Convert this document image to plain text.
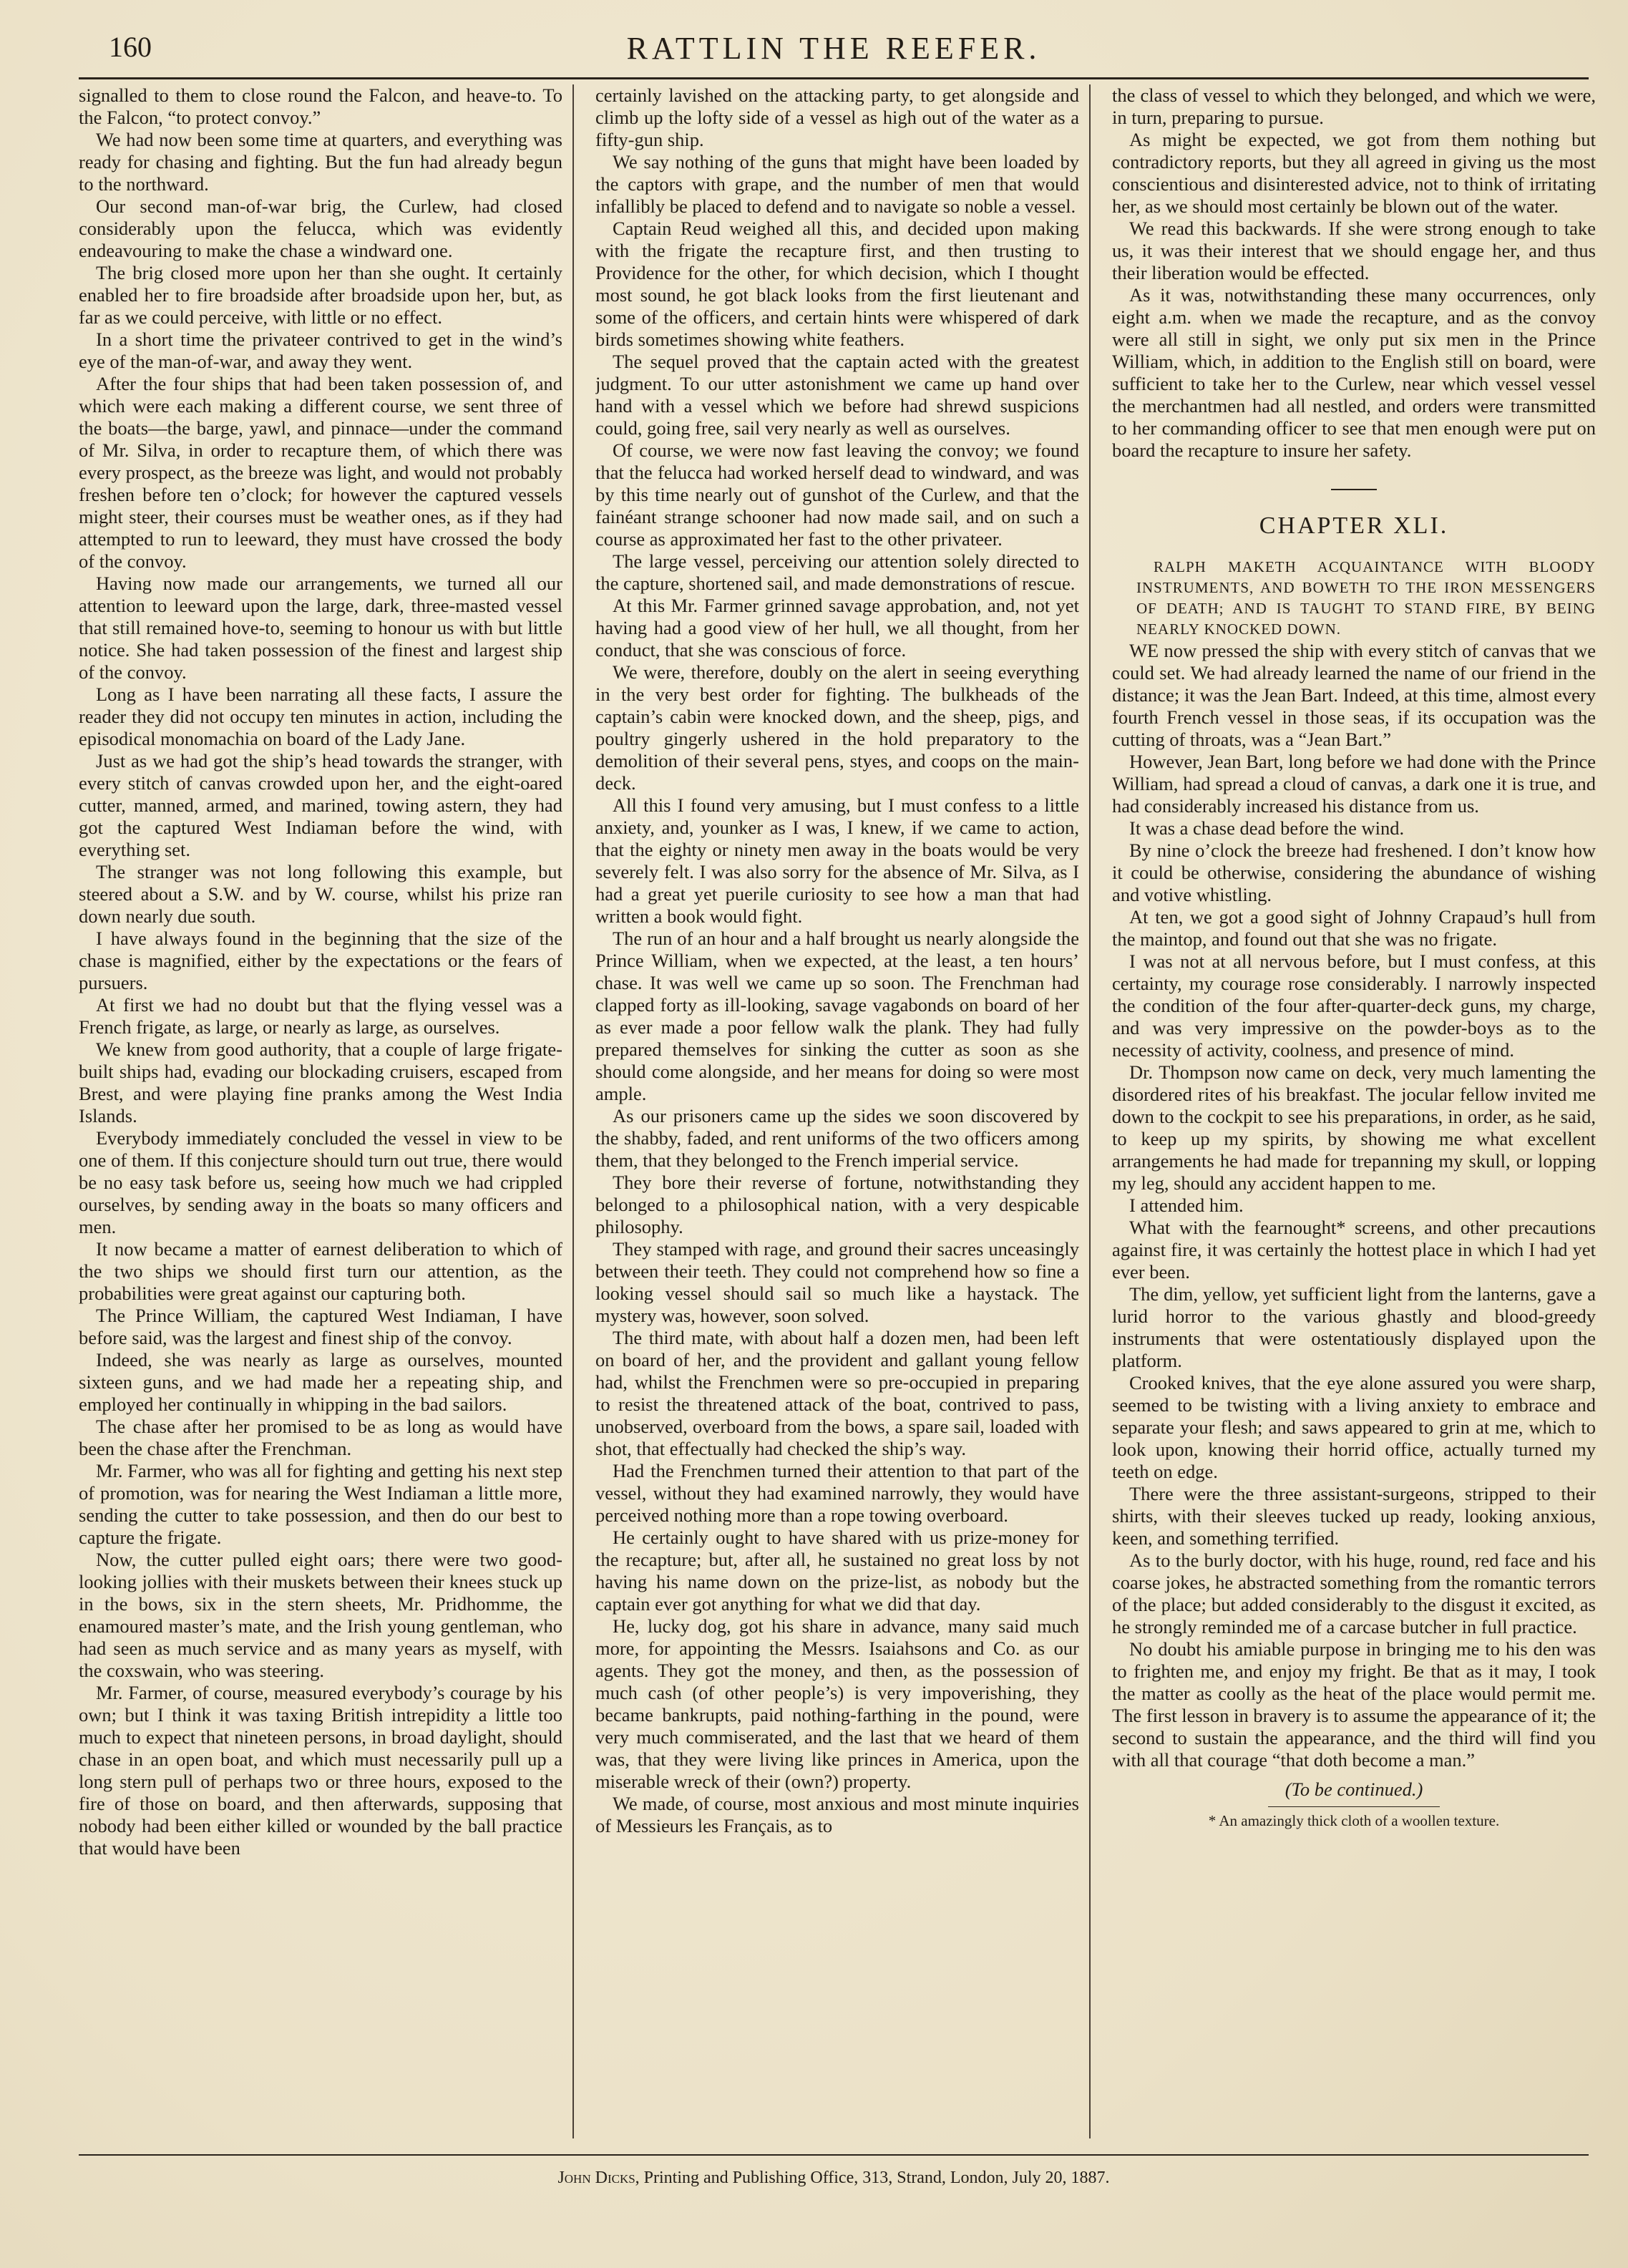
160	RATTLIN THE REEFER.

signalled to them to close round the Falcon, and heave-to. To the Falcon, “to protect convoy.”

We had now been some time at quarters, and everything was ready for chasing and fighting. But the fun had already begun to the northward.

Our second man-of-war brig, the Curlew, had closed considerably upon the felucca, which was evidently endeavouring to make the chase a windward one.

The brig closed more upon her than she ought. It certainly enabled her to fire broadside after broadside upon her, but, as far as we could perceive, with little or no effect.

In a short time the privateer contrived to get in the wind’s eye of the man-of-war, and away they went.

After the four ships that had been taken possession of, and which were each making a different course, we sent three of the boats—the barge, yawl, and pinnace—under the command of Mr. Silva, in order to recapture them, of which there was every prospect, as the breeze was light, and would not probably freshen before ten o’clock; for however the captured vessels might steer, their courses must be weather ones, as if they had attempted to run to leeward, they must have crossed the body of the convoy.

Having now made our arrangements, we turned all our attention to leeward upon the large, dark, three-masted vessel that still remained hove-to, seeming to honour us with but little notice. She had taken possession of the finest and largest ship of the convoy.

Long as I have been narrating all these facts, I assure the reader they did not occupy ten minutes in action, including the episodical monomachia on board of the Lady Jane.

Just as we had got the ship’s head towards the stranger, with every stitch of canvas crowded upon her, and the eight-oared cutter, manned, armed, and marined, towing astern, they had got the captured West Indiaman before the wind, with everything set.

The stranger was not long following this example, but steered about a S.W. and by W. course, whilst his prize ran down nearly due south.

I have always found in the beginning that the size of the chase is magnified, either by the expectations or the fears of pursuers.

At first we had no doubt but that the flying vessel was a French frigate, as large, or nearly as large, as ourselves.

We knew from good authority, that a couple of large frigate-built ships had, evading our blockading cruisers, escaped from Brest, and were playing fine pranks among the West India Islands.

Everybody immediately concluded the vessel in view to be one of them. If this conjecture should turn out true, there would be no easy task before us, seeing how much we had crippled ourselves, by sending away in the boats so many officers and men.

It now became a matter of earnest deliberation to which of the two ships we should first turn our attention, as the probabilities were great against our capturing both.

The Prince William, the captured West Indiaman, I have before said, was the largest and finest ship of the convoy.

Indeed, she was nearly as large as ourselves, mounted sixteen guns, and we had made her a repeating ship, and employed her continually in whipping in the bad sailors.

The chase after her promised to be as long as would have been the chase after the Frenchman.

Mr. Farmer, who was all for fighting and getting his next step of promotion, was for nearing the West Indiaman a little more, sending the cutter to take possession, and then do our best to capture the frigate.

Now, the cutter pulled eight oars; there were two good-looking jollies with their muskets between their knees stuck up in the bows, six in the stern sheets, Mr. Pridhomme, the enamoured master’s mate, and the Irish young gentleman, who had seen as much service and as many years as myself, with the coxswain, who was steering.

Mr. Farmer, of course, measured everybody’s courage by his own; but I think it was taxing British intrepidity a little too much to expect that nineteen persons, in broad daylight, should chase in an open boat, and which must necessarily pull up a long stern pull of perhaps two or three hours, exposed to the fire of those on board, and then afterwards, supposing that nobody had been either killed or wounded by the ball practice that would have been

certainly lavished on the attacking party, to get alongside and climb up the lofty side of a vessel as high out of the water as a fifty-gun ship.

We say nothing of the guns that might have been loaded by the captors with grape, and the number of men that would infallibly be placed to defend and to navigate so noble a vessel.

Captain Reud weighed all this, and decided upon making with the frigate the recapture first, and then trusting to Providence for the other, for which decision, which I thought most sound, he got black looks from the first lieutenant and some of the officers, and certain hints were whispered of dark birds sometimes showing white feathers.

The sequel proved that the captain acted with the greatest judgment. To our utter astonishment we came up hand over hand with a vessel which we before had shrewd suspicions could, going free, sail very nearly as well as ourselves.

Of course, we were now fast leaving the convoy; we found that the felucca had worked herself dead to windward, and was by this time nearly out of gunshot of the Curlew, and that the fainéant strange schooner had now made sail, and on such a course as approximated her fast to the other privateer.

The large vessel, perceiving our attention solely directed to the capture, shortened sail, and made demonstrations of rescue.

At this Mr. Farmer grinned savage approbation, and, not yet having had a good view of her hull, we all thought, from her conduct, that she was conscious of force.

We were, therefore, doubly on the alert in seeing everything in the very best order for fighting. The bulkheads of the captain’s cabin were knocked down, and the sheep, pigs, and poultry gingerly ushered in the hold preparatory to the demolition of their several pens, styes, and coops on the main-deck.

All this I found very amusing, but I must confess to a little anxiety, and, younker as I was, I knew, if we came to action, that the eighty or ninety men away in the boats would be very severely felt. I was also sorry for the absence of Mr. Silva, as I had a great yet puerile curiosity to see how a man that had written a book would fight.

The run of an hour and a half brought us nearly alongside the Prince William, when we expected, at the least, a ten hours’ chase. It was well we came up so soon. The Frenchman had clapped forty as ill-looking, savage vagabonds on board of her as ever made a poor fellow walk the plank. They had fully prepared themselves for sinking the cutter as soon as she should come alongside, and her means for doing so were most ample.

As our prisoners came up the sides we soon discovered by the shabby, faded, and rent uniforms of the two officers among them, that they belonged to the French imperial service.

They bore their reverse of fortune, notwithstanding they belonged to a philosophical nation, with a very despicable philosophy.

They stamped with rage, and ground their sacres unceasingly between their teeth. They could not comprehend how so fine a looking vessel should sail so much like a haystack. The mystery was, however, soon solved.

The third mate, with about half a dozen men, had been left on board of her, and the provident and gallant young fellow had, whilst the Frenchmen were so pre-occupied in preparing to resist the threatened attack of the boat, contrived to pass, unobserved, overboard from the bows, a spare sail, loaded with shot, that effectually had checked the ship’s way.

Had the Frenchmen turned their attention to that part of the vessel, without they had examined narrowly, they would have perceived nothing more than a rope towing overboard.

He certainly ought to have shared with us prize-money for the recapture; but, after all, he sustained no great loss by not having his name down on the prize-list, as nobody but the captain ever got anything for what we did that day.

He, lucky dog, got his share in advance, many said much more, for appointing the Messrs. Isaiahsons and Co. as our agents. They got the money, and then, as the possession of much cash (of other people’s) is very impoverishing, they became bankrupts, paid nothing-farthing in the pound, were very much commiserated, and the last that we heard of them was, that they were living like princes in America, upon the miserable wreck of their (own?) property.

We made, of course, most anxious and most minute inquiries of Messieurs les Français, as to

the class of vessel to which they belonged, and which we were, in turn, preparing to pursue.

As might be expected, we got from them nothing but contradictory reports, but they all agreed in giving us the most conscientious and disinterested advice, not to think of irritating her, as we should most certainly be blown out of the water.

We read this backwards. If she were strong enough to take us, it was their interest that we should engage her, and thus their liberation would be effected.

As it was, notwithstanding these many occurrences, only eight a.m. when we made the recapture, and as the convoy were all still in sight, we only put six men in the Prince William, which, in addition to the English still on board, were sufficient to take her to the Curlew, near which vessel vessel the merchantmen had all nestled, and orders were transmitted to her commanding officer to see that men enough were put on board the recapture to insure her safety.

CHAPTER XLI.

RALPH MAKETH ACQUAINTANCE WITH BLOODY INSTRUMENTS, AND BOWETH TO THE IRON MESSENGERS OF DEATH; AND IS TAUGHT TO STAND FIRE, BY BEING NEARLY KNOCKED DOWN.

WE now pressed the ship with every stitch of canvas that we could set. We had already learned the name of our friend in the distance; it was the Jean Bart. Indeed, at this time, almost every fourth French vessel in those seas, if its occupation was the cutting of throats, was a “Jean Bart.”

However, Jean Bart, long before we had done with the Prince William, had spread a cloud of canvas, a dark one it is true, and had considerably increased his distance from us.

It was a chase dead before the wind.

By nine o’clock the breeze had freshened. I don’t know how it could be otherwise, considering the abundance of wishing and votive whistling.

At ten, we got a good sight of Johnny Crapaud’s hull from the maintop, and found out that she was no frigate.

I was not at all nervous before, but I must confess, at this certainty, my courage rose considerably. I narrowly inspected the condition of the four after-quarter-deck guns, my charge, and was very impressive on the powder-boys as to the necessity of activity, coolness, and presence of mind.

Dr. Thompson now came on deck, very much lamenting the disordered rites of his breakfast. The jocular fellow invited me down to the cockpit to see his preparations, in order, as he said, to keep up my spirits, by showing me what excellent arrangements he had made for trepanning my skull, or lopping my leg, should any accident happen to me.

I attended him.

What with the fearnought* screens, and other precautions against fire, it was certainly the hottest place in which I had yet ever been.

The dim, yellow, yet sufficient light from the lanterns, gave a lurid horror to the various ghastly and blood-greedy instruments that were ostentatiously displayed upon the platform.

Crooked knives, that the eye alone assured you were sharp, seemed to be twisting with a living anxiety to embrace and separate your flesh; and saws appeared to grin at me, which to look upon, knowing their horrid office, actually turned my teeth on edge.

There were the three assistant-surgeons, stripped to their shirts, with their sleeves tucked up ready, looking anxious, keen, and something terrified.

As to the burly doctor, with his huge, round, red face and his coarse jokes, he abstracted something from the romantic terrors of the place; but added considerably to the disgust it excited, as he strongly reminded me of a carcase butcher in full practice.

No doubt his amiable purpose in bringing me to his den was to frighten me, and enjoy my fright. Be that as it may, I took the matter as coolly as the heat of the place would permit me. The first lesson in bravery is to assume the appearance of it; the second to sustain the appearance, and the third will find you with all that courage “that doth become a man.”

(To be continued.)
* An amazingly thick cloth of a woollen texture.
John Dicks, Printing and Publishing Office, 313, Strand, London, July 20, 1887.
